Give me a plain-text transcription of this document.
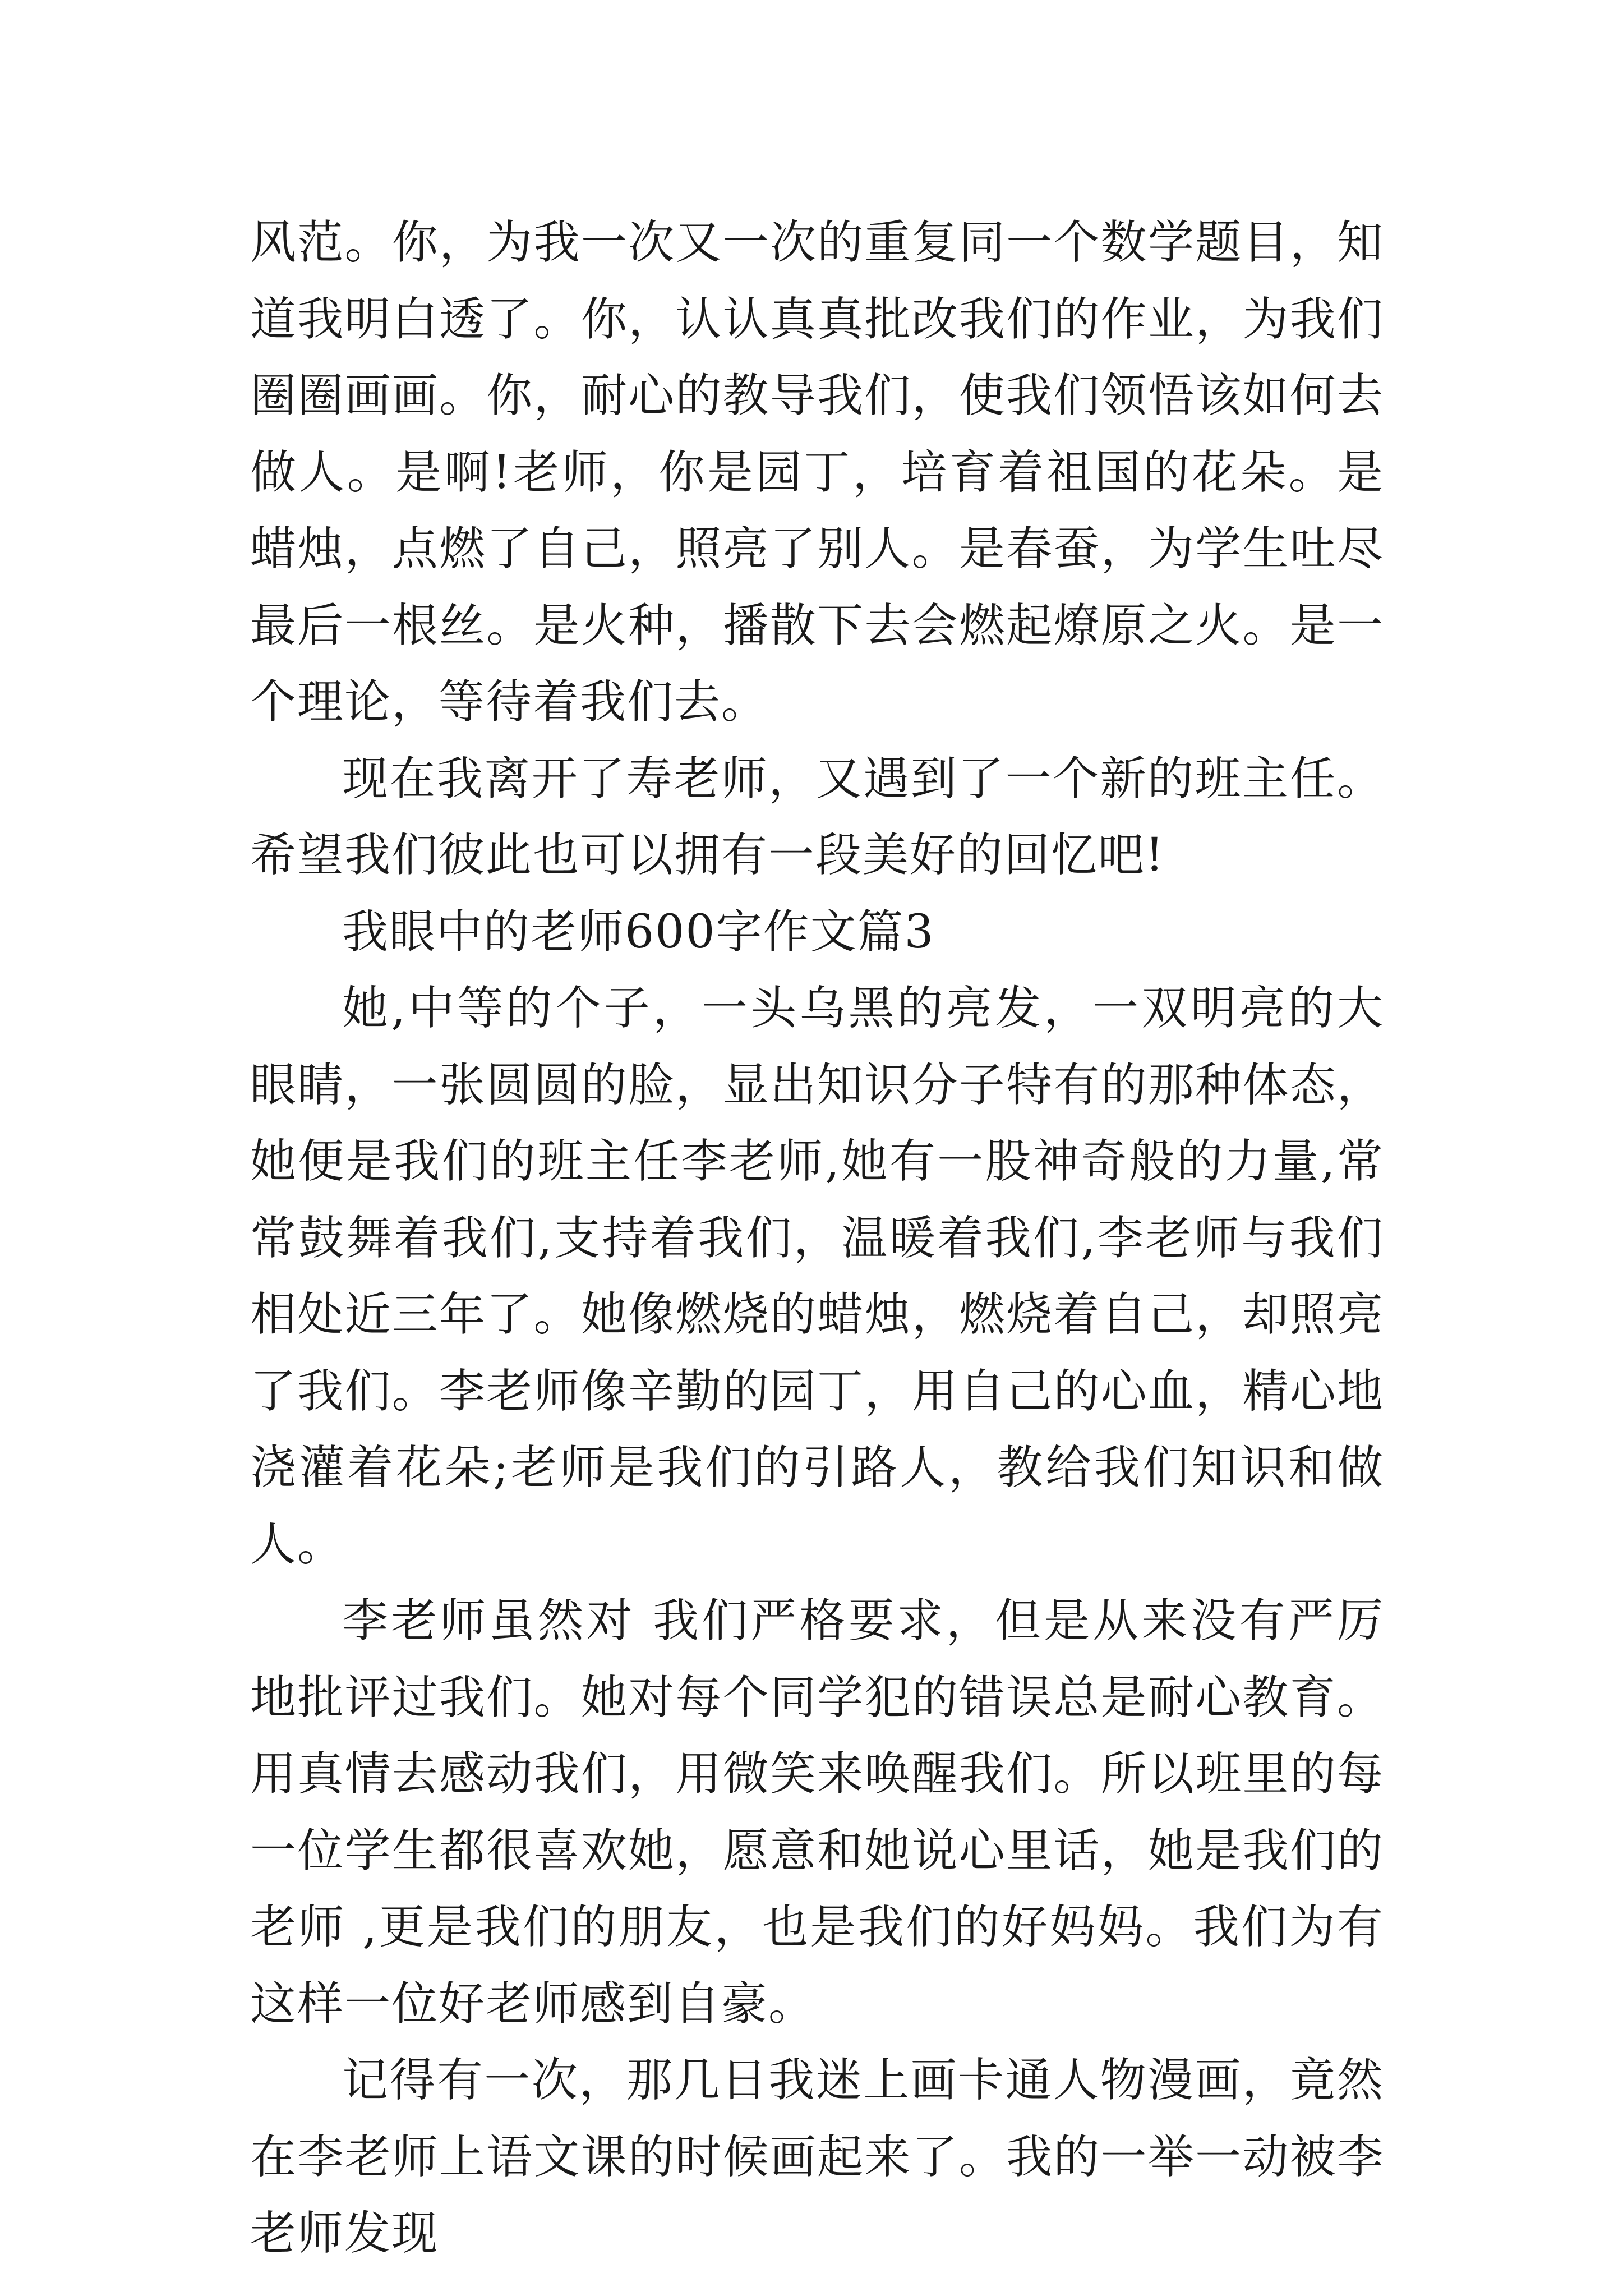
风范。你，为我一次又一次的重复同一个数学题目，知道我明白透了。你，认认真真批改我们的作业，为我们圈圈画画。你，耐心的教导我们，使我们领悟该如何去做人。是啊!老师，你是园丁，培育着祖国的花朵。是蜡烛，点燃了自己，照亮了别人。是春蚕，为学生吐尽最后一根丝。是火种，播散下去会燃起燎原之火。是一个理论，等待着我们去。

现在我离开了寿老师，又遇到了一个新的班主任。希望我们彼此也可以拥有一段美好的回忆吧!

我眼中的老师600字作文篇3

她,中等的个子，一头乌黑的亮发，一双明亮的大眼睛，一张圆圆的脸，显出知识分子特有的那种体态，她便是我们的班主任李老师,她有一股神奇般的力量,常常鼓舞着我们,支持着我们，温暖着我们,李老师与我们相处近三年了。她像燃烧的蜡烛，燃烧着自己，却照亮了我们。李老师像辛勤的园丁，用自己的心血，精心地浇灌着花朵;老师是我们的引路人，教给我们知识和做人。

李老师虽然对 我们严格要求，但是从来没有严厉地批评过我们。她对每个同学犯的错误总是耐心教育。用真情去感动我们，用微笑来唤醒我们。所以班里的每一位学生都很喜欢她，愿意和她说心里话，她是我们的老师 ,更是我们的朋友，也是我们的好妈妈。我们为有这样一位好老师感到自豪。

记得有一次，那几日我迷上画卡通人物漫画，竟然在李老师上语文课的时候画起来了。我的一举一动被李老师发现
